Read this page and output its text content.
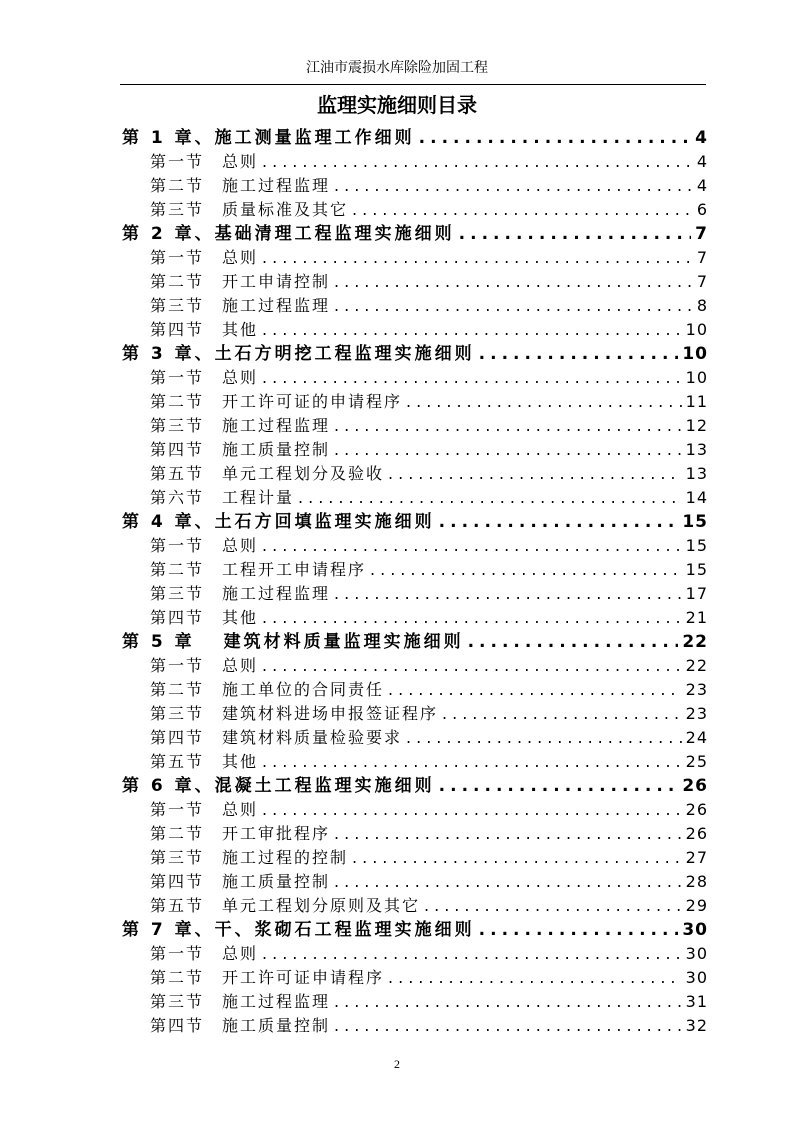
江油市震损水库除险加固工程
监理实施细则目录
第 1 章、施工测量监理工作细则 .....	4
第一节　总则 .....	4
第二节　施工过程监理 .....	4
第三节　质量标准及其它 .....	6
第 2 章、基础清理工程监理实施细则 .....	7
第一节　总则 .....	7
第二节　开工申请控制 .....	7
第三节　施工过程监理 .....	8
第四节　其他 .....	10
第 3 章、土石方明挖工程监理实施细则 .....	10
第一节　总则 .....	10
第二节　开工许可证的申请程序 .....	11
第三节　施工过程监理 .....	12
第四节　施工质量控制 .....	13
第五节　单元工程划分及验收 .....	13
第六节　工程计量 .....	14
第 4 章、土石方回填监理实施细则 .....	15
第一节　总则 .....	15
第二节　工程开工申请程序 .....	15
第三节　施工过程监理 .....	17
第四节　其他 .....	21
第 5 章　 建筑材料质量监理实施细则 .....	22
第一节　总则 .....	22
第二节　施工单位的合同责任 .....	23
第三节　建筑材料进场申报签证程序 .....	23
第四节　建筑材料质量检验要求 .....	24
第五节　其他 .....	25
第 6 章、混凝土工程监理实施细则 .....	26
第一节　总则 .....	26
第二节　开工审批程序 .....	26
第三节　施工过程的控制 .....	27
第四节　施工质量控制 .....	28
第五节　单元工程划分原则及其它 .....	29
第 7 章、干、浆砌石工程监理实施细则 .....	30
第一节　总则 .....	30
第二节　开工许可证申请程序 .....	30
第三节　施工过程监理 .....	31
第四节　施工质量控制 .....	32
2
